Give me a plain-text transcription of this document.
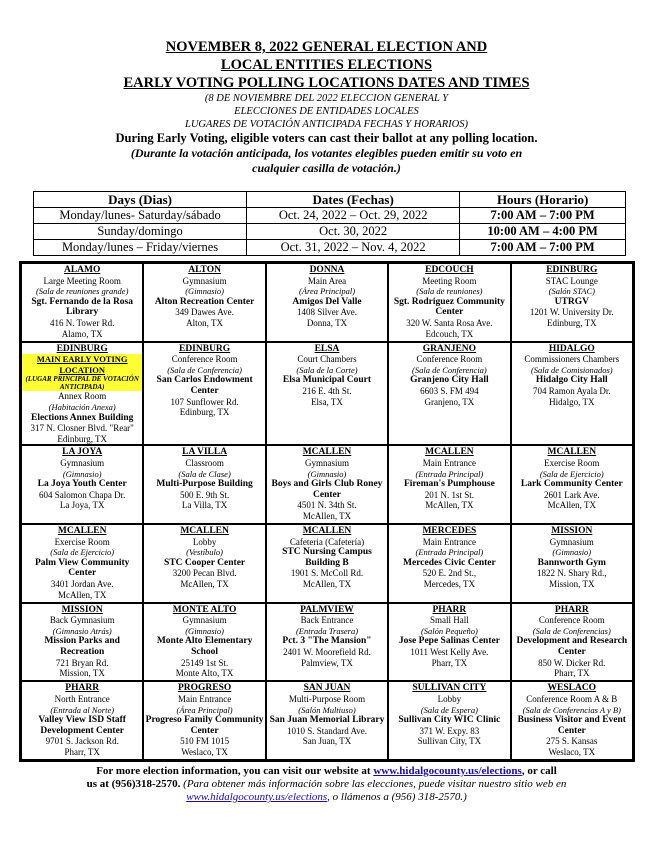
NOVEMBER 8, 2022 GENERAL ELECTION AND
LOCAL ENTITIES ELECTIONS
EARLY VOTING POLLING LOCATIONS DATES AND TIMES
(8 DE NOVIEMBRE DEL 2022 ELECCION GENERAL Y
ELECCIONES DE ENTIDADES LOCALES
LUGARES DE VOTACIÓN ANTICIPADA FECHAS Y HORARIOS)
During Early Voting, eligible voters can cast their ballot at any polling location.
(Durante la votación anticipada, los votantes elegibles pueden emitir su voto en
cualquier casilla de votación.)
Days (Dias)	Dates (Fechas)	Hours (Horario)
Monday/lunes- Saturday/sábado	Oct. 24, 2022 – Oct. 29, 2022	7:00 AM – 7:00 PM
Sunday/domingo	Oct. 30, 2022	10:00 AM – 4:00 PM
Monday/lunes – Friday/viernes	Oct. 31, 2022 – Nov. 4, 2022	7:00 AM – 7:00 PM
ALAMO
Large Meeting Room
(Sala de reuniones grande)
Sgt. Fernando de la Rosa Library
416 N. Tower Rd.
Alamo, TX
ALTON
Gymnasium
(Gimnasio)
Alton Recreation Center
349 Dawes Ave.
Alton, TX
DONNA
Main Area
(Área Principal)
Amigos Del Valle
1408 Silver Ave.
Donna, TX
EDCOUCH
Meeting Room
(Sala de reuniones)
Sgt. Rodriguez Community Center
320 W. Santa Rosa Ave.
Edcouch, TX
EDINBURG
STAC Lounge
(Salón STAC)
UTRGV
1201 W. University Dr.
Edinburg, TX
EDINBURG
MAIN EARLY VOTING LOCATION
(LUGAR PRINCIPAL DE VOTACIÓN ANTICIPADA)
Annex Room
(Habitación Anexa)
Elections Annex Building
317 N. Closner Blvd. "Rear"
Edinburg, TX
EDINBURG
Conference Room
(Sala de Conferencia)
San Carlos Endowment Center
107 Sunflower Rd.
Edinburg, TX
ELSA
Court Chambers
(Sala de la Corte)
Elsa Municipal Court
216 E. 4th St.
Elsa, TX
GRANJENO
Conference Room
(Sala de Conferencia)
Granjeno City Hall
6603 S. FM 494
Granjeno, TX
HIDALGO
Commissioners Chambers
(Sala de Comisionados)
Hidalgo City Hall
704 Ramon Ayala Dr.
Hidalgo, TX
LA JOYA
Gymnasium
(Gimnasio)
La Joya Youth Center
604 Salomon Chapa Dr.
La Joya, TX
LA VILLA
Classroom
(Sala de Clase)
Multi-Purpose Building
500 E. 9th St.
La Villa, TX
MCALLEN
Gymnasium
(Gimnasio)
Boys and Girls Club Roney Center
4501 N. 34th St.
McAllen, TX
MCALLEN
Main Entrance
(Entrada Principal)
Fireman's Pumphouse
201 N. 1st St.
McAllen, TX
MCALLEN
Exercise Room
(Sala de Ejercicio)
Lark Community Center
2601 Lark Ave.
McAllen, TX
MCALLEN
Exercise Room
(Sala de Ejercicio)
Palm View Community Center
3401 Jordan Ave.
McAllen, TX
MCALLEN
Lobby
(Vestíbulo)
STC Cooper Center
3200 Pecan Blvd.
McAllen, TX
MCALLEN
Cafeteria (Cafetería)
STC Nursing Campus Building B
1901 S. McColl Rd.
McAllen, TX
MERCEDES
Main Entrance
(Entrada Principal)
Mercedes Civic Center
520 E. 2nd St.,
Mercedes, TX
MISSION
Gymnasium
(Gimnasio)
Bannworth Gym
1822 N. Shary Rd.,
Mission, TX
MISSION
Back Gymnasium
(Gimnasio Atrás)
Mission Parks and Recreation
721 Bryan Rd.
Mission, TX
MONTE ALTO
Gymnasium
(Gimnasio)
Monte Alto Elementary School
25149 1st St.
Monte Alto, TX
PALMVIEW
Back Entrance
(Entrada Trasera)
Pct. 3 "The Mansion"
2401 W. Moorefield Rd.
Palmview, TX
PHARR
Small Hall
(Salón Pequeño)
Jose Pepe Salinas Center
1011 West Kelly Ave.
Pharr, TX
PHARR
Conference Room
(Sala de Conferencias)
Development and Research Center
850 W. Dicker Rd.
Pharr, TX
PHARR
North Entrance
(Entrada al Norte)
Valley View ISD Staff Development Center
9701 S. Jackson Rd.
Pharr, TX
PROGRESO
Main Entrance
(Área Principal)
Progreso Family Community Center
510 FM 1015
Weslaco, TX
SAN JUAN
Multi-Purpose Room
(Salón Multiuso)
San Juan Memorial Library
1010 S. Standard Ave.
San Juan, TX
SULLIVAN CITY
Lobby
(Sala de Espera)
Sullivan City WIC Clinic
371 W. Expy. 83
Sullivan City, TX
WESLACO
Conference Room A & B
(Sala de Conferencias A y B)
Business Visitor and Event Center
275 S. Kansas
Weslaco, TX
For more election information, you can visit our website at www.hidalgocounty.us/elections, or call
us at (956)318-2570. (Para obtener más información sobre las elecciones, puede visitar nuestro sitio web en
www.hidalgocounty.us/elections, o llámenos a (956) 318-2570.)
